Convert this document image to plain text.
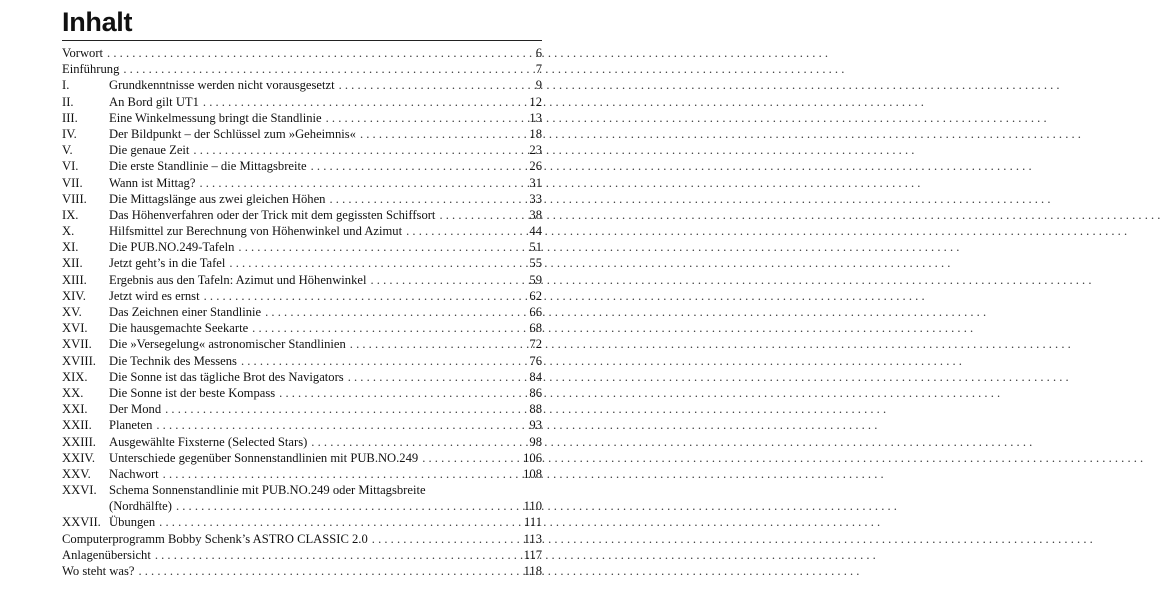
Inhalt
Vorwort . . .	6
Einführung . . .	7
I.	Grundkenntnisse werden nicht vorausgesetzt . . .	9
II.	An Bord gilt UT1 . . .	12
III.	Eine Winkelmessung bringt die Standlinie . . .	13
IV.	Der Bildpunkt – der Schlüssel zum »Geheimnis« . . .	18
V.	Die genaue Zeit . . .	23
VI.	Die erste Standlinie – die Mittagsbreite . . .	26
VII.	Wann ist Mittag? . . .	31
VIII.	Die Mittagslänge aus zwei gleichen Höhen . . .	33
IX.	Das Höhenverfahren oder der Trick mit dem gegissten Schiffsort . . .	38
X.	Hilfsmittel zur Berechnung von Höhenwinkel und Azimut . . .	44
XI.	Die PUB.NO.249-Tafeln . . .	51
XII.	Jetzt geht’s in die Tafel . . .	55
XIII.	Ergebnis aus den Tafeln: Azimut und Höhenwinkel . . .	59
XIV.	Jetzt wird es ernst . . .	62
XV.	Das Zeichnen einer Standlinie . . .	66
XVI.	Die hausgemachte Seekarte . . .	68
XVII.	Die »Versegelung« astronomischer Standlinien . . .	72
XVIII.	Die Technik des Messens . . .	76
XIX.	Die Sonne ist das tägliche Brot des Navigators . . .	84
XX.	Die Sonne ist der beste Kompass . . .	86
XXI.	Der Mond . . .	88
XXII.	Planeten . . .	93
XXIII.	Ausgewählte Fixsterne (Selected Stars) . . .	98
XXIV.	Unterschiede gegenüber Sonnenstandlinien mit PUB.NO.249 . . .	106
XXV.	Nachwort . . .	108
XXVI. Schema Sonnenstandlinie mit PUB.NO.249 oder Mittagsbreite
(Nordhälfte) . . .	110
XXVII. Übungen . . .	111
Computerprogramm Bobby Schenk’s ASTRO CLASSIC 2.0 . . .	113
Anlagenübersicht . . .	117
Wo steht was? . . .	118
